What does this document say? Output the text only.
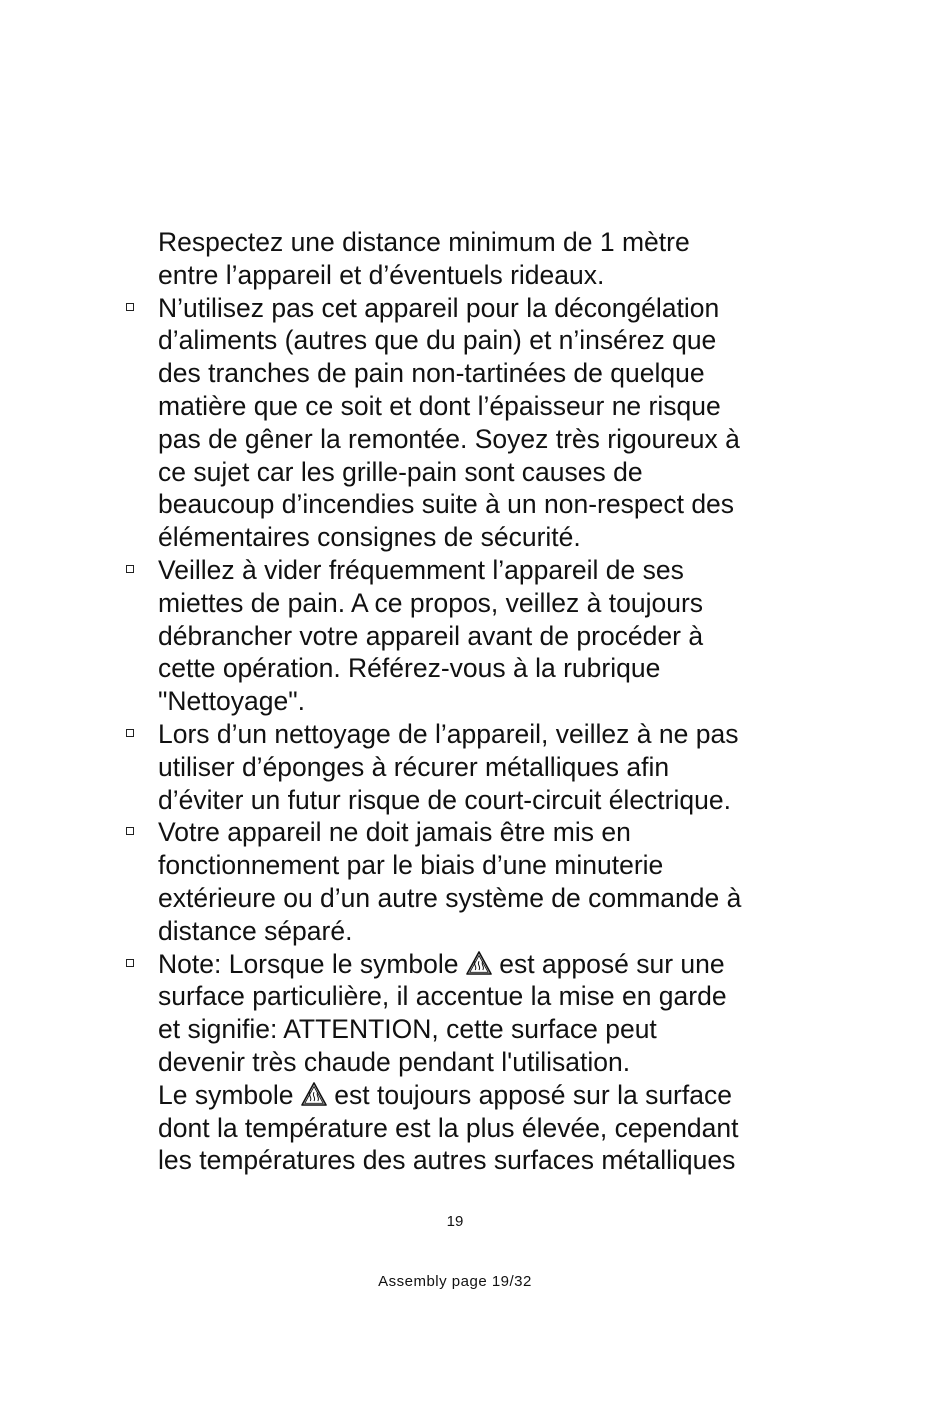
Respectez une distance minimum de 1 mètre
entre l’appareil et d’éventuels rideaux.

N’utilisez pas cet appareil pour la décongélation
d’aliments (autres que du pain) et n’insérez que
des tranches de pain non-tartinées de quelque
matière que ce soit et dont l’épaisseur ne risque
pas de gêner la remontée. Soyez très rigoureux à
ce sujet car les grille-pain sont causes de
beaucoup d’incendies suite à un non-respect des
élémentaires consignes de sécurité.

Veillez à vider fréquemment l’appareil de ses
miettes de pain. A ce propos, veillez à toujours
débrancher votre appareil avant de procéder à
cette opération. Référez-vous à la rubrique
"Nettoyage".

Lors d’un nettoyage de l’appareil, veillez à ne pas
utiliser d’éponges à récurer métalliques afin
d’éviter un futur risque de court-circuit électrique.

Votre appareil ne doit jamais être mis en
fonctionnement par le biais d’une minuterie
extérieure ou d’un autre système de commande à
distance séparé.

Note: Lorsque le symbole  est apposé sur une
surface particulière, il accentue la mise en garde
et signifie: ATTENTION, cette surface peut
devenir très chaude pendant l'utilisation.
Le symbole  est toujours apposé sur la surface
dont la température est la plus élevée, cependant
les températures des autres surfaces métalliques

19
Assembly page 19/32
